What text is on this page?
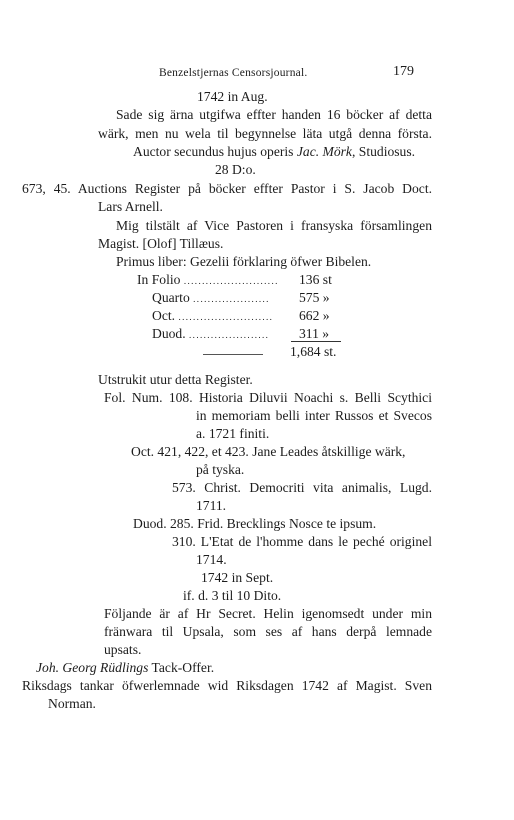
Benzelstjernas Censorsjournal.	179
1742 in Aug.
Sade sig ärna utgifwa effter handen 16 böcker af detta
wärk, men nu wela til begynnelse läta utgå denna första.
Auctor secundus hujus operis Jac. Mörk, Studiosus.
28 D:o.
673, 45. Auctions Register på böcker effter Pastor i S. Jacob Doct.
Lars Arnell.
Mig tilstält af Vice Pastoren i fransyska församlingen
Magist. [Olof] Tillæus.
Primus liber: Gezelii förklaring öfwer Bibelen.
In Folio .......................... 136 st
Quarto ..................... 575 »
Oct. .......................... 662 »
Duod. ...................... 311 »
1,684 st.
Utstrukit utur detta Register.
Fol. Num. 108. Historia Diluvii Noachi s. Belli Scythici
in memoriam belli inter Russos et Svecos
a. 1721 finiti.
Oct. 421, 422, et 423. Jane Leades åtskillige wärk,
på tyska.
573. Christ. Democriti vita animalis, Lugd.
1711.
Duod. 285. Frid. Brecklings Nosce te ipsum.
310. L'Etat de l'homme dans le peché originel
1714.
1742 in Sept.
if. d. 3 til 10 Dito.
Följande är af Hr Secret. Helin igenomsedt under min
fränwara til Upsala, som ses af hans derpå lemnade
upsats.
Joh. Georg Rüdlings Tack-Offer.
Riksdags tankar öfwerlemnade wid Riksdagen 1742 af Magist. Sven
Norman.
